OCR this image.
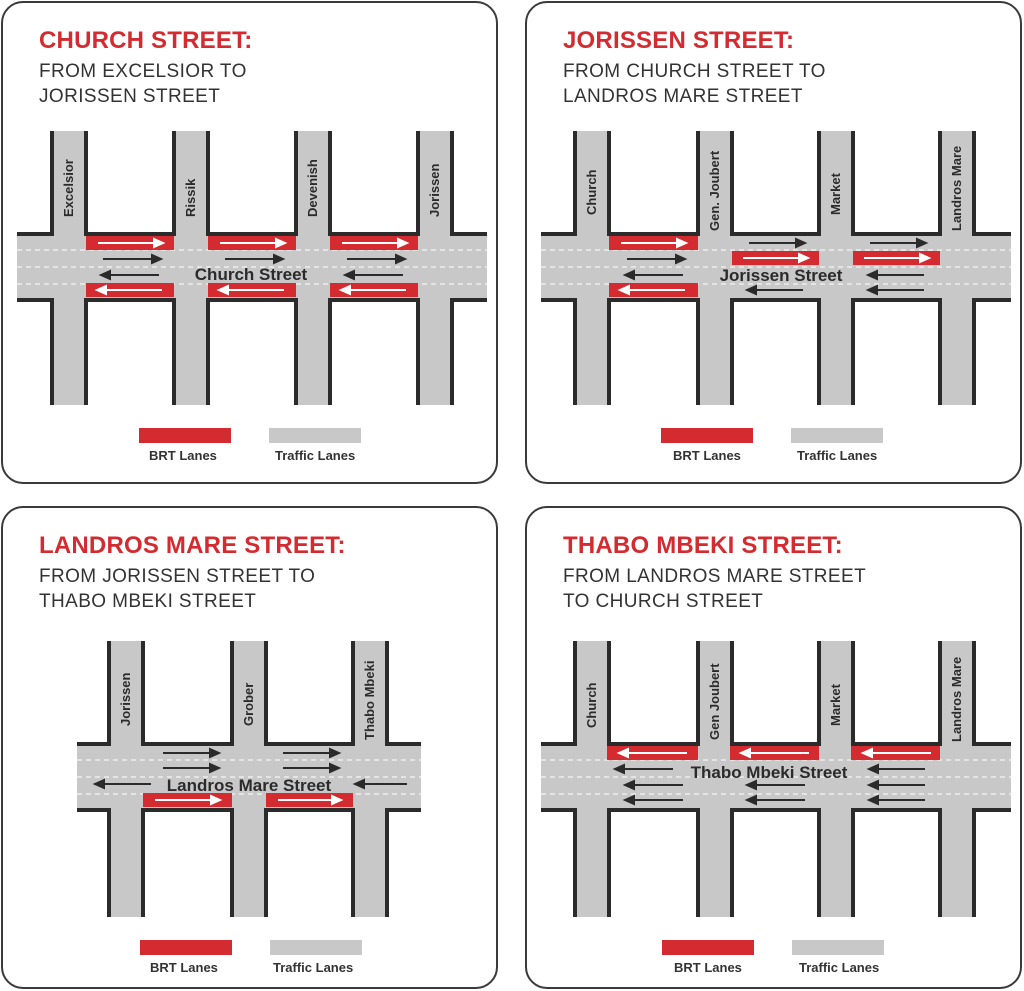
CHURCH STREET:
FROM EXCELSIOR TO
JORISSEN STREET
Church Street
Excelsior	Rissik	Devenish	Jorissen
BRT Lanes	Traffic Lanes
JORISSEN STREET:
FROM CHURCH STREET TO
LANDROS MARE STREET
Jorissen Street
Church	Gen. Joubert	Market	Landros Mare
BRT Lanes	Traffic Lanes
LANDROS MARE STREET:
FROM JORISSEN STREET TO
THABO MBEKI STREET
Landros Mare Street
Jorissen	Grober	Thabo Mbeki
BRT Lanes	Traffic Lanes
THABO MBEKI STREET:
FROM LANDROS MARE STREET
TO CHURCH STREET
Thabo Mbeki Street
Church	Gen Joubert	Market	Landros Mare
BRT Lanes	Traffic Lanes
